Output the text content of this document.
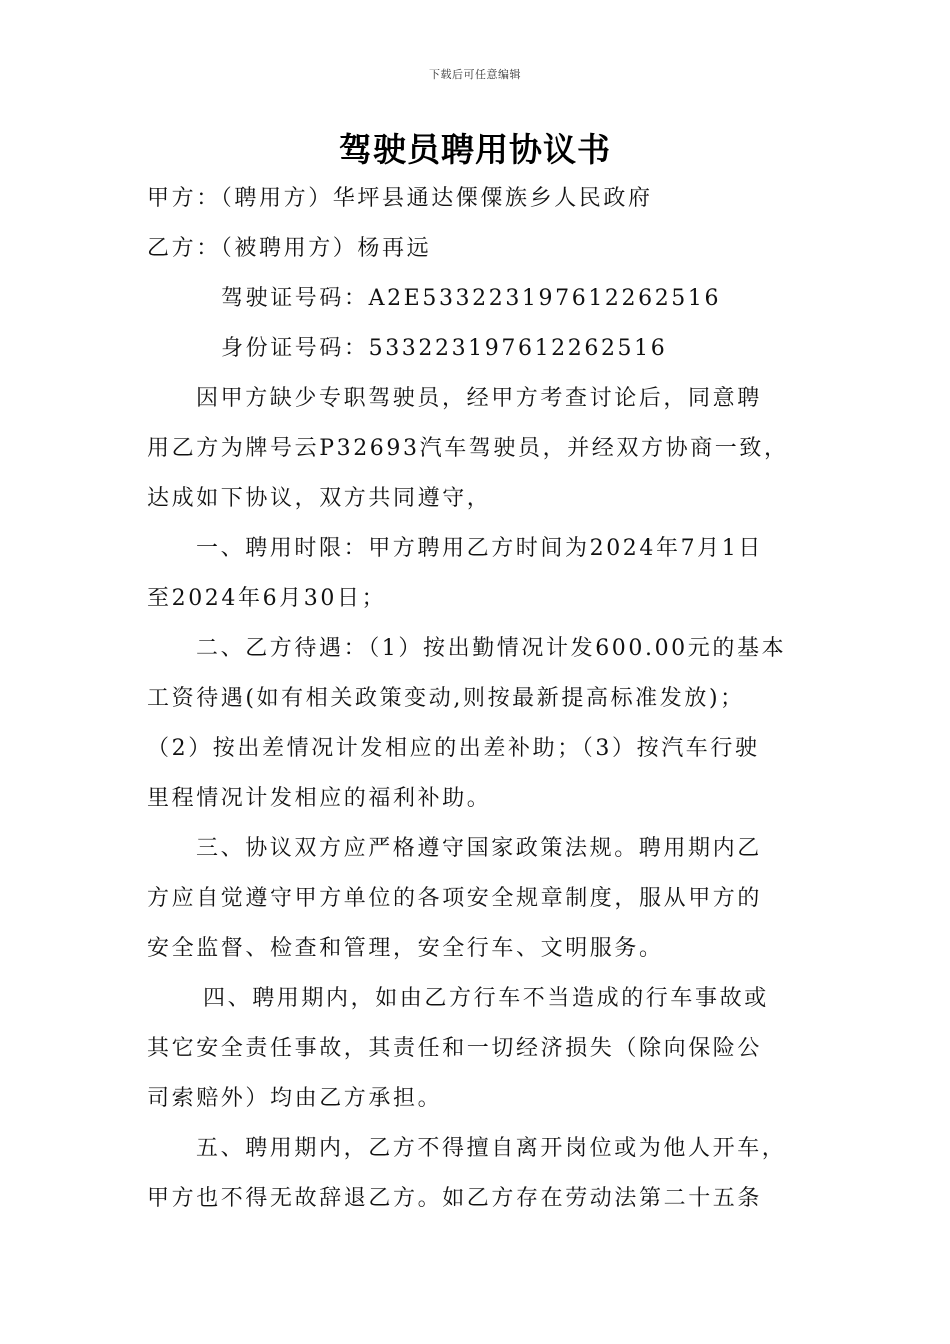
下载后可任意编辑
驾驶员聘用协议书
甲方：（聘用方）华坪县通达傈僳族乡人民政府
乙方：（被聘用方）杨再远
驾驶证号码：A2E533223197612262516
身份证号码：533223197612262516
因甲方缺少专职驾驶员，经甲方考查讨论后，同意聘
用乙方为牌号云P32693汽车驾驶员，并经双方协商一致，
达成如下协议，双方共同遵守，
一、聘用时限：甲方聘用乙方时间为2024年7月1日
至2024年6月30日；
二、乙方待遇：（1）按出勤情况计发600.00元的基本
工资待遇(如有相关政策变动,则按最新提高标准发放)；
（2）按出差情况计发相应的出差补助；（3）按汽车行驶
里程情况计发相应的福利补助。
三、协议双方应严格遵守国家政策法规。聘用期内乙
方应自觉遵守甲方单位的各项安全规章制度，服从甲方的
安全监督、检查和管理，安全行车、文明服务。
四、聘用期内，如由乙方行车不当造成的行车事故或
其它安全责任事故，其责任和一切经济损失（除向保险公
司索赔外）均由乙方承担。
五、聘用期内，乙方不得擅自离开岗位或为他人开车，
甲方也不得无故辞退乙方。如乙方存在劳动法第二十五条
